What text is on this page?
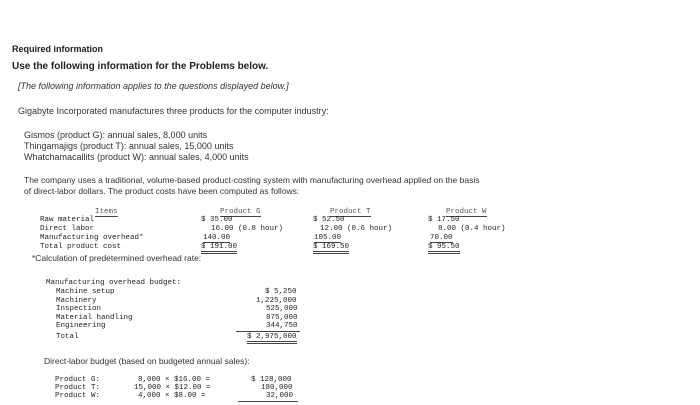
Required information
Use the following information for the Problems below.
[The following information applies to the questions displayed below.]
Gigabyte Incorporated manufactures three products for the computer industry:
Gismos (product G): annual sales, 8,000 units
Thingamajigs (product T): annual sales, 15,000 units
Whatchamacallits (product W): annual sales, 4,000 units
The company uses a traditional, volume-based product-costing system with manufacturing overhead applied on the basis
of direct-labor dollars. The product costs have been computed as follows:
Items	Product G	Product T	Product W
Raw material	$ 35.00	$ 52.50	$ 17.50
Direct labor	16.00 (0.8 hour)	12.00 (0.6 hour)	8.00 (0.4 hour)
Manufacturing overhead*	140.00	105.00	70.00
Total product cost	$ 191.00	$ 169.50	$ 95.50
*Calculation of predetermined overhead rate:
Manufacturing overhead budget:
Machine setup	$ 5,250
Machinery	1,225,000
Inspection	525,000
Material handling	875,000
Engineering	344,750
Total	$ 2,975,000
Direct-labor budget (based on budgeted annual sales):
Product G:	8,000 × $16.00 =	$ 128,000
Product T:	15,000 × $12.00 =	180,000
Product W:	4,000 × $8.00 =	32,000
